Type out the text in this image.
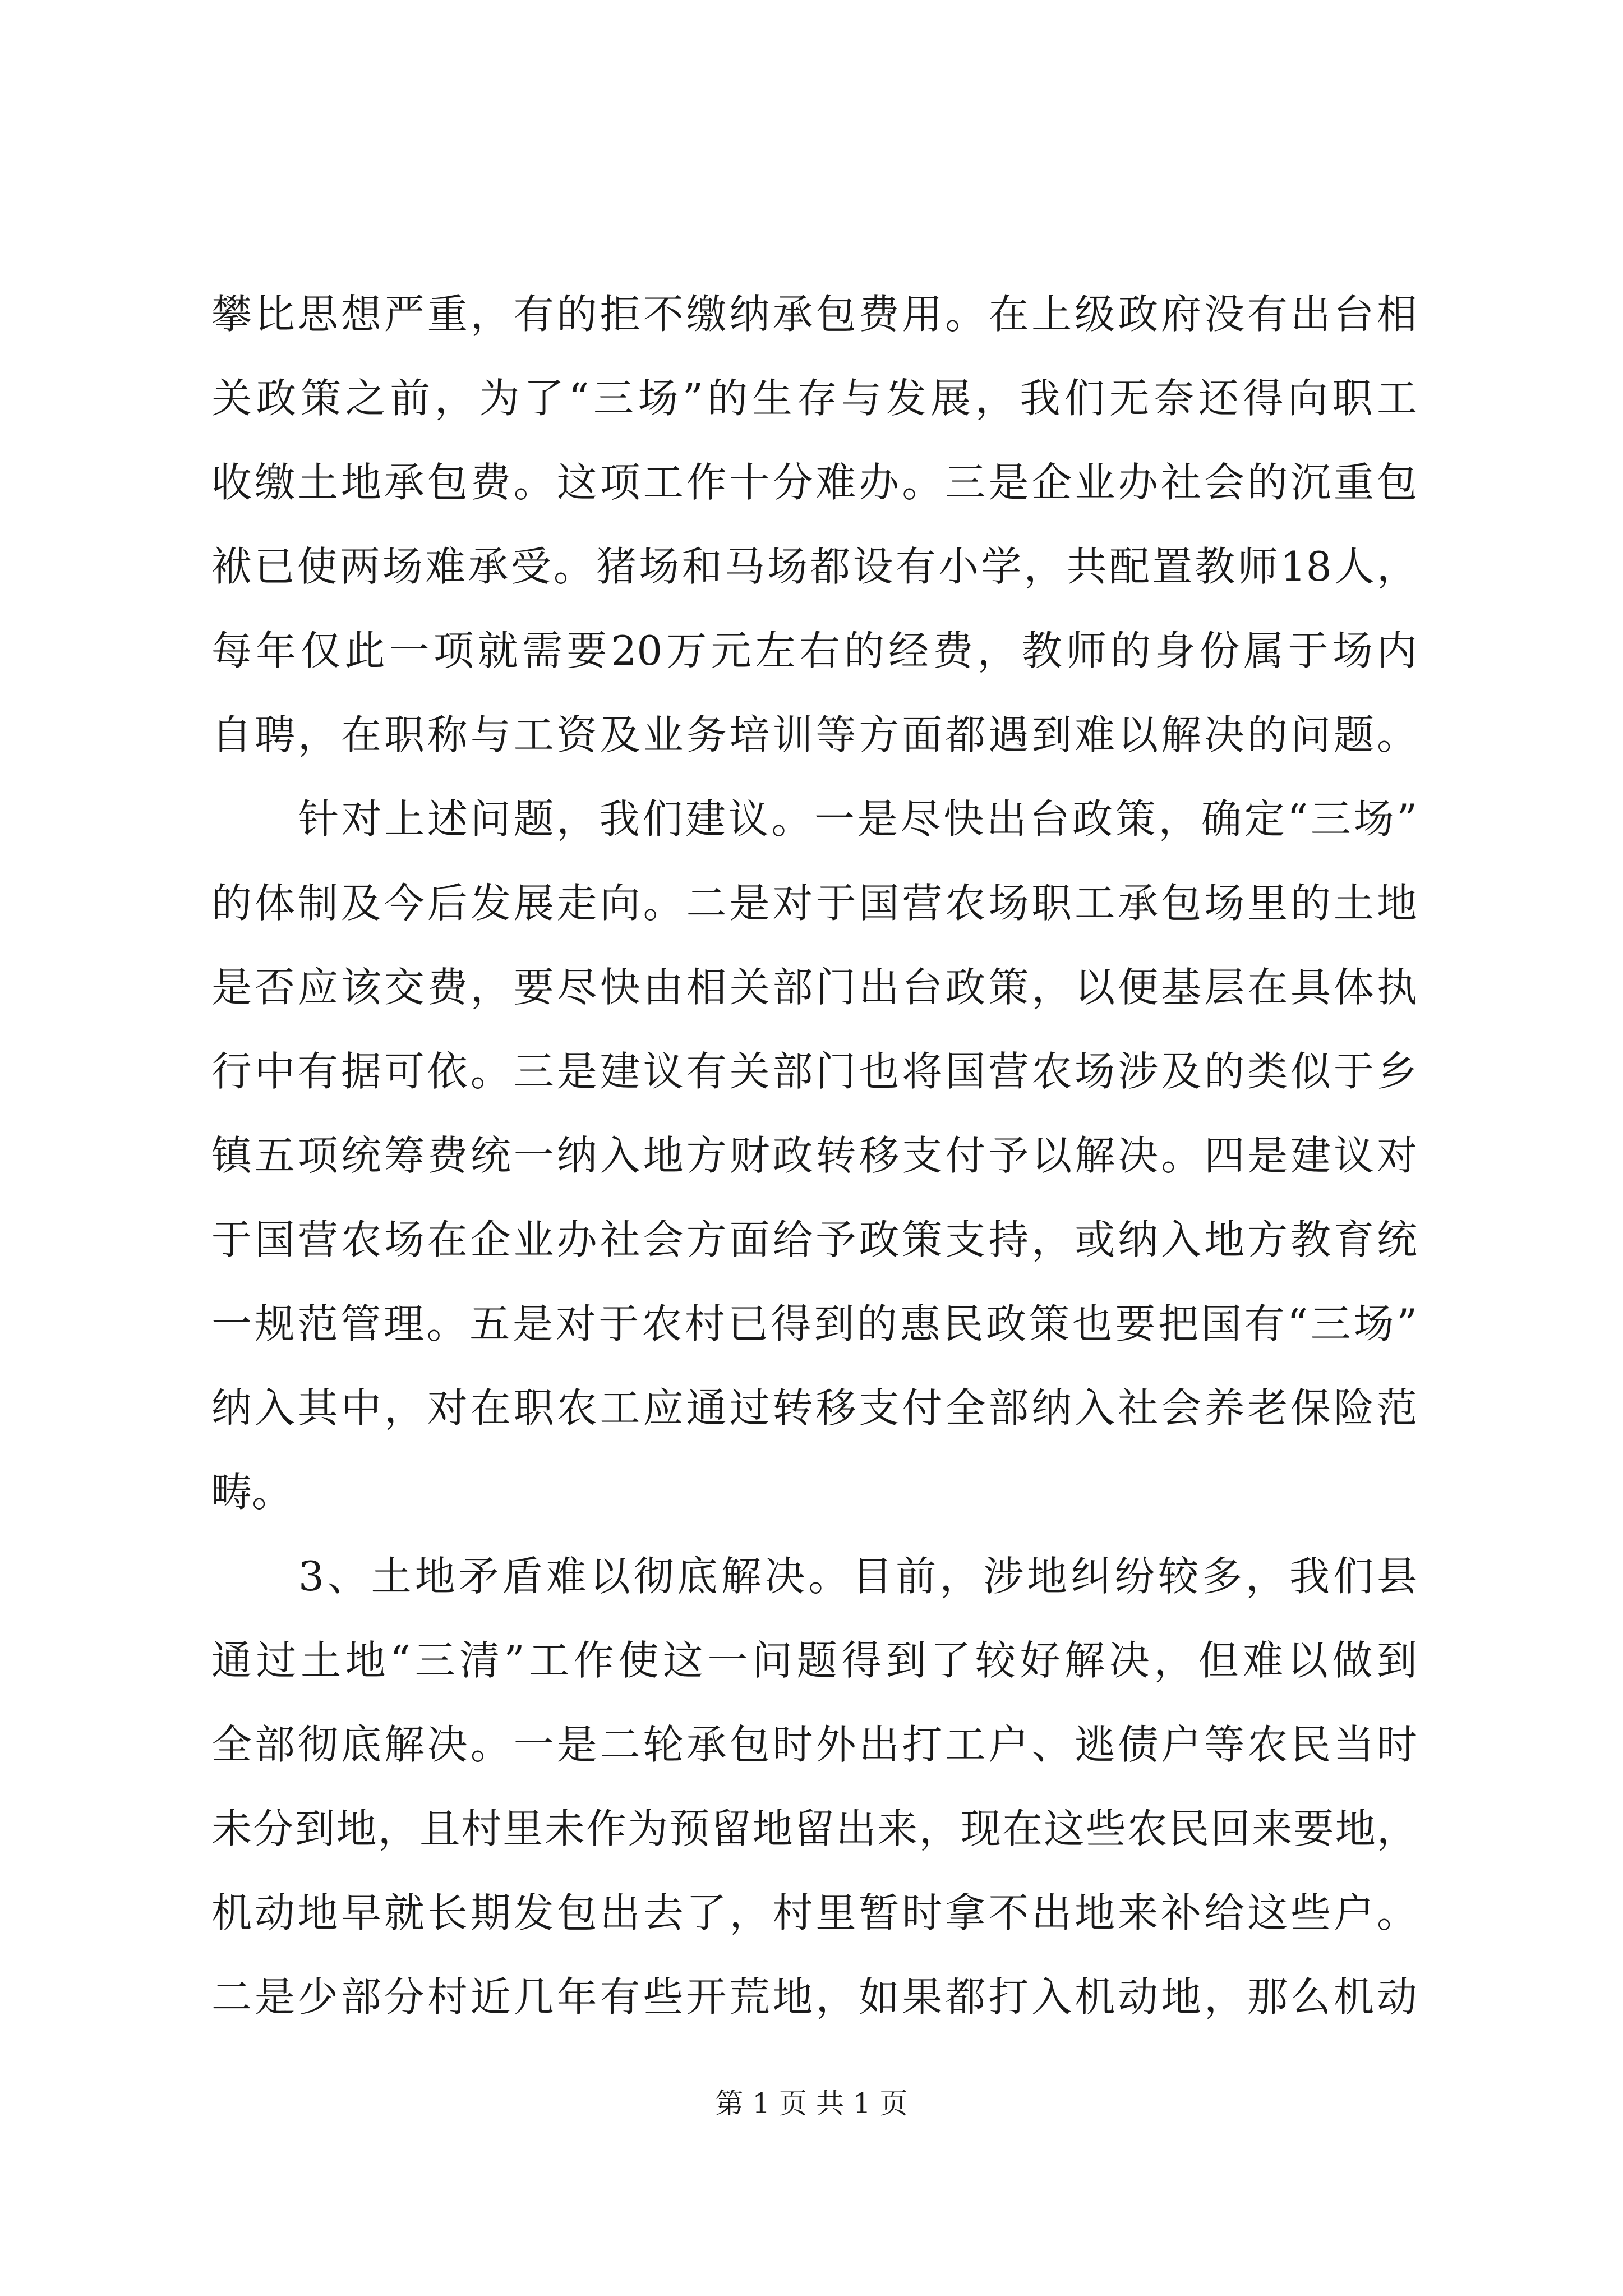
攀比思想严重，有的拒不缴纳承包费用。在上级政府没有出台相
关政策之前，为了“三场”的生存与发展，我们无奈还得向职工
收缴土地承包费。这项工作十分难办。三是企业办社会的沉重包
袱已使两场难承受。猪场和马场都设有小学，共配置教师18人，
每年仅此一项就需要20万元左右的经费，教师的身份属于场内
自聘，在职称与工资及业务培训等方面都遇到难以解决的问题。
针对上述问题，我们建议。一是尽快出台政策，确定“三场”
的体制及今后发展走向。二是对于国营农场职工承包场里的土地
是否应该交费，要尽快由相关部门出台政策，以便基层在具体执
行中有据可依。三是建议有关部门也将国营农场涉及的类似于乡
镇五项统筹费统一纳入地方财政转移支付予以解决。四是建议对
于国营农场在企业办社会方面给予政策支持，或纳入地方教育统
一规范管理。五是对于农村已得到的惠民政策也要把国有“三场”
纳入其中，对在职农工应通过转移支付全部纳入社会养老保险范
畴。
3、土地矛盾难以彻底解决。目前，涉地纠纷较多，我们县
通过土地“三清”工作使这一问题得到了较好解决，但难以做到
全部彻底解决。一是二轮承包时外出打工户、逃债户等农民当时
未分到地，且村里未作为预留地留出来，现在这些农民回来要地，
机动地早就长期发包出去了，村里暂时拿不出地来补给这些户。
二是少部分村近几年有些开荒地，如果都打入机动地，那么机动
第 1 页 共 1 页
